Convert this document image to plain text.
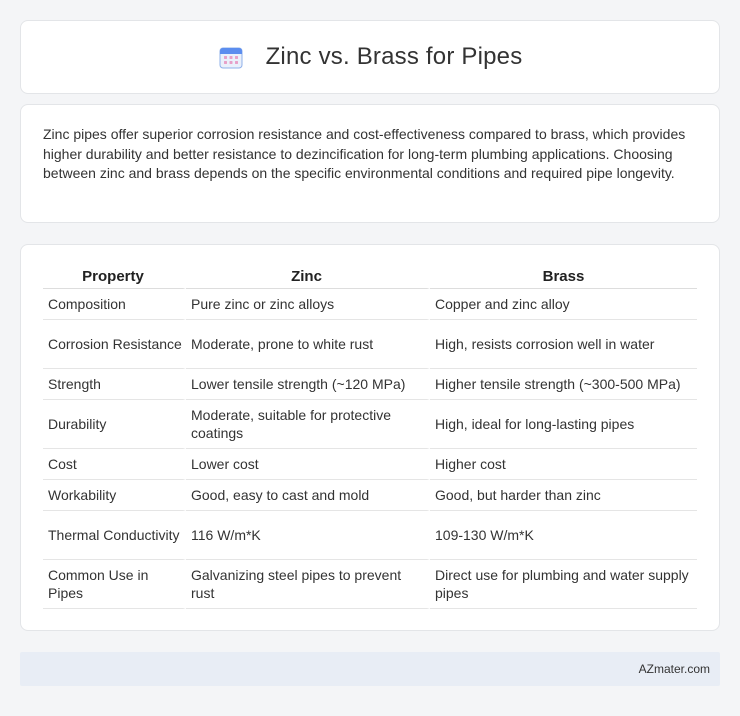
Zinc vs. Brass for Pipes

Zinc pipes offer superior corrosion resistance and cost-effectiveness compared to brass, which provides higher durability and better resistance to dezincification for long-term plumbing applications. Choosing between zinc and brass depends on the specific environmental conditions and required pipe longevity.

Property	Zinc	Brass
Composition	Pure zinc or zinc alloys	Copper and zinc alloy
Corrosion Resistance	Moderate, prone to white rust	High, resists corrosion well in water
Strength	Lower tensile strength (~120 MPa)	Higher tensile strength (~300-500 MPa)
Durability	Moderate, suitable for protective coatings	High, ideal for long-lasting pipes
Cost	Lower cost	Higher cost
Workability	Good, easy to cast and mold	Good, but harder than zinc
Thermal Conductivity	116 W/m*K	109-130 W/m*K
Common Use in Pipes	Galvanizing steel pipes to prevent rust	Direct use for plumbing and water supply pipes
AZmater.com
